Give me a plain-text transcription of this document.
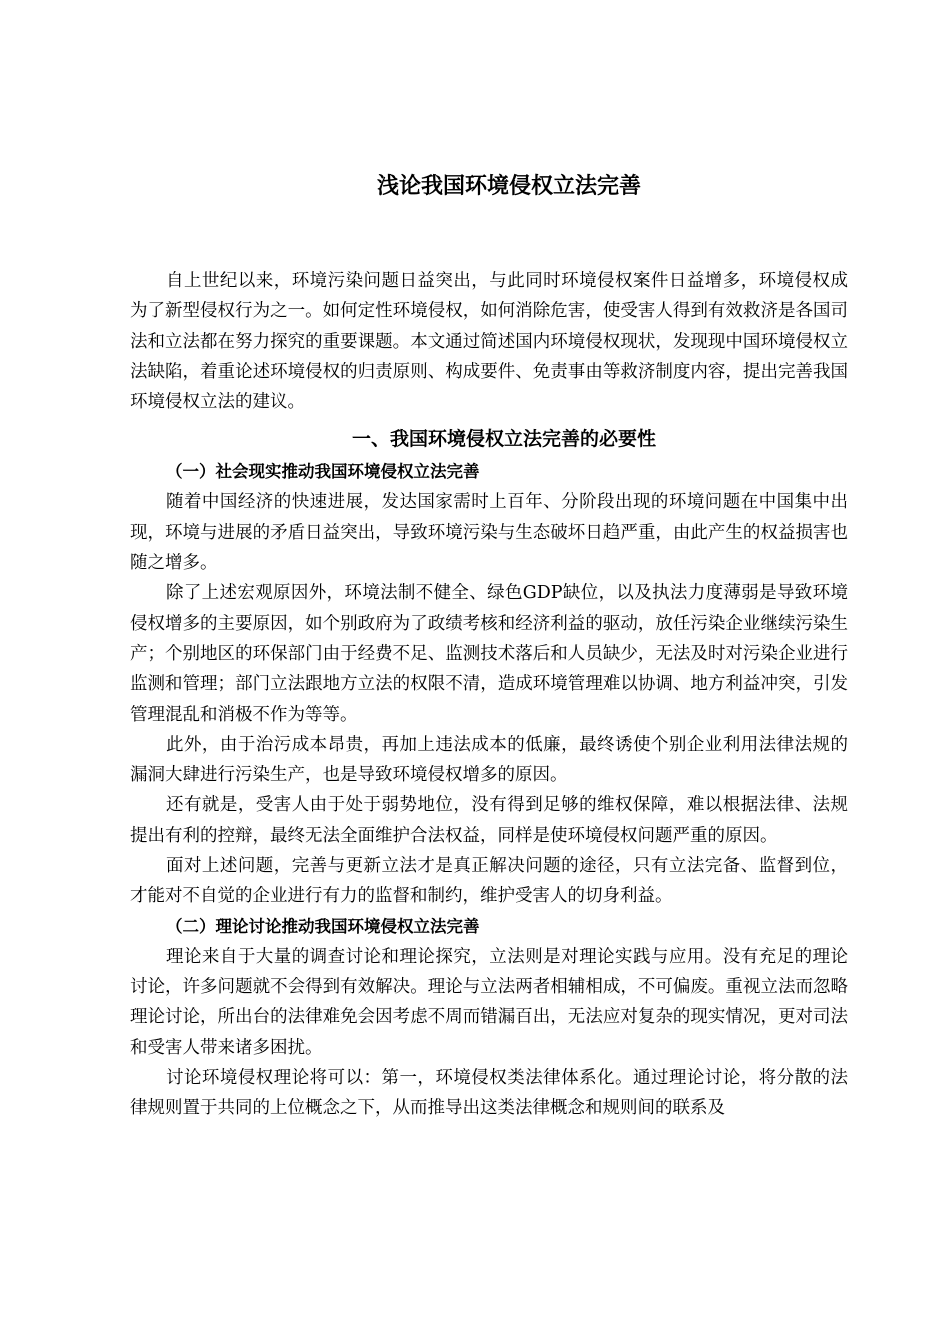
浅论我国环境侵权立法完善

自上世纪以来，环境污染问题日益突出，与此同时环境侵权案件日益增多，环境侵权成为了新型侵权行为之一。如何定性环境侵权，如何消除危害，使受害人得到有效救济是各国司法和立法都在努力探究的重要课题。本文通过简述国内环境侵权现状，发现现中国环境侵权立法缺陷，着重论述环境侵权的归责原则、构成要件、免责事由等救济制度内容，提出完善我国环境侵权立法的建议。

一、我国环境侵权立法完善的必要性
（一）社会现实推动我国环境侵权立法完善

随着中国经济的快速进展，发达国家需时上百年、分阶段出现的环境问题在中国集中出现，环境与进展的矛盾日益突出，导致环境污染与生态破坏日趋严重，由此产生的权益损害也随之增多。

除了上述宏观原因外，环境法制不健全、绿色GDP缺位，以及执法力度薄弱是导致环境侵权增多的主要原因，如个别政府为了政绩考核和经济利益的驱动，放任污染企业继续污染生产；个别地区的环保部门由于经费不足、监测技术落后和人员缺少，无法及时对污染企业进行监测和管理；部门立法跟地方立法的权限不清，造成环境管理难以协调、地方利益冲突，引发管理混乱和消极不作为等等。

此外，由于治污成本昂贵，再加上违法成本的低廉，最终诱使个别企业利用法律法规的漏洞大肆进行污染生产，也是导致环境侵权增多的原因。

还有就是，受害人由于处于弱势地位，没有得到足够的维权保障，难以根据法律、法规提出有利的控辩，最终无法全面维护合法权益，同样是使环境侵权问题严重的原因。

面对上述问题，完善与更新立法才是真正解决问题的途径，只有立法完备、监督到位，才能对不自觉的企业进行有力的监督和制约，维护受害人的切身利益。

（二）理论讨论推动我国环境侵权立法完善

理论来自于大量的调查讨论和理论探究，立法则是对理论实践与应用。没有充足的理论讨论，许多问题就不会得到有效解决。理论与立法两者相辅相成，不可偏废。重视立法而忽略理论讨论，所出台的法律难免会因考虑不周而错漏百出，无法应对复杂的现实情况，更对司法和受害人带来诸多困扰。

讨论环境侵权理论将可以：第一，环境侵权类法律体系化。通过理论讨论，将分散的法律规则置于共同的上位概念之下，从而推导出这类法律概念和规则间的联系及
